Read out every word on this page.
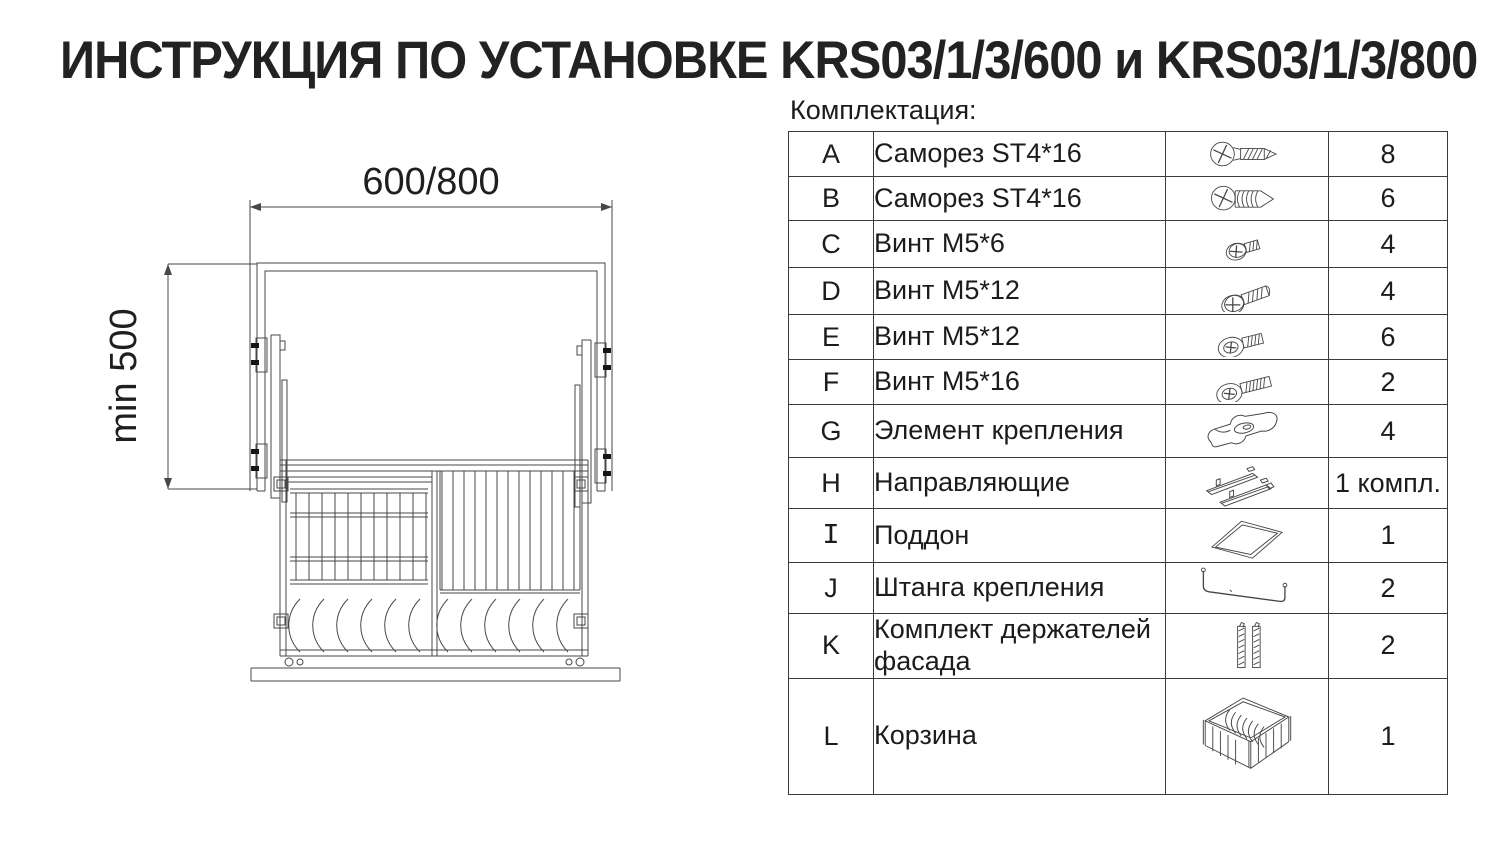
ИНСТРУКЦИЯ ПО УСТАНОВКЕ KRS03/1/3/600 и KRS03/1/3/800
600/800
min 500
Комплектация:
A	Саморез ST4*16		8
B	Саморез ST4*16		6
C	Винт M5*6		4
D	Винт M5*12		4
E	Винт M5*12		6
F	Винт M5*16		2
G	Элемент крепления		4
H	Направляющие		1 компл.
I	Поддон		1
J	Штанга крепления		2
K	Комплект держателей фасада		2
L	Корзина		1
